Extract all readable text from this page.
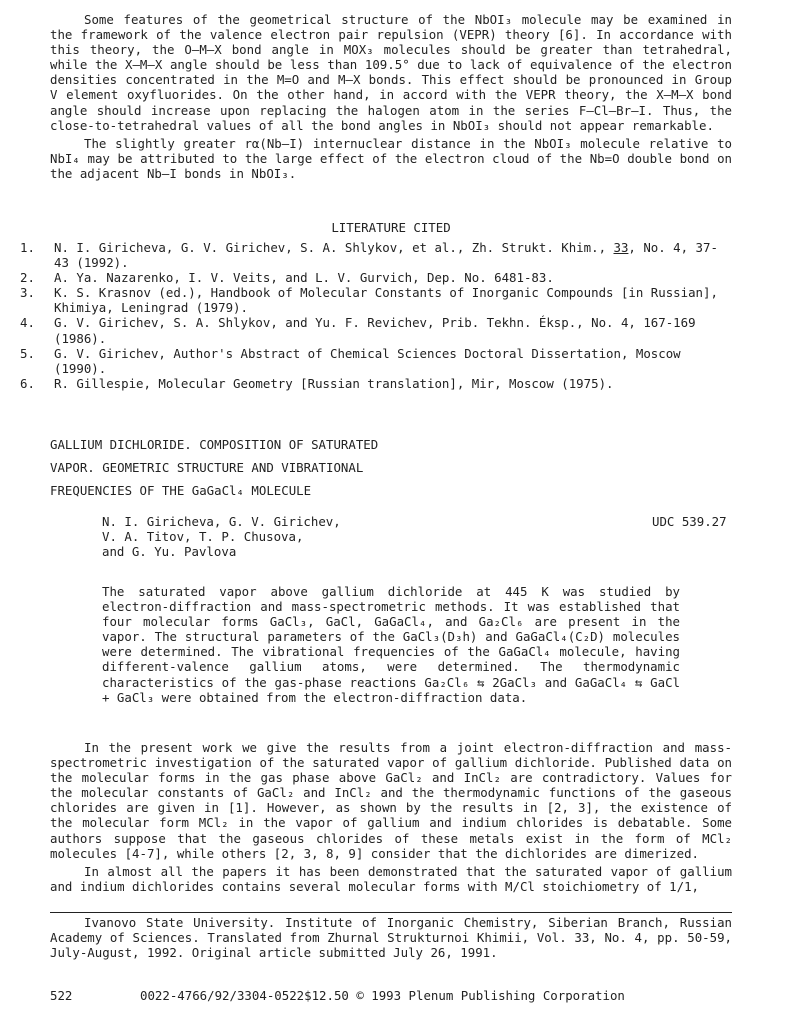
Some features of the geometrical structure of the NbOI₃ molecule may be examined in the framework of the valence electron pair repulsion (VEPR) theory [6]. In accordance with this theory, the O—M—X bond angle in MOX₃ molecules should be greater than tetrahedral, while the X—M—X angle should be less than 109.5° due to lack of equivalence of the electron densities concentrated in the M=O and M—X bonds. This effect should be pronounced in Group V element oxyfluorides. On the other hand, in accord with the VEPR theory, the X—M—X bond angle should increase upon replacing the halogen atom in the series F—Cl—Br—I. Thus, the close-to-tetrahedral values of all the bond angles in NbOI₃ should not appear remarkable.

The slightly greater rα(Nb—I) internuclear distance in the NbOI₃ molecule relative to NbI₄ may be attributed to the large effect of the electron cloud of the Nb=O double bond on the adjacent Nb—I bonds in NbOI₃.

LITERATURE CITED
1. N. I. Giricheva, G. V. Girichev, S. A. Shlykov, et al., Zh. Strukt. Khim., 33, No. 4, 37-43 (1992).
2. A. Ya. Nazarenko, I. V. Veits, and L. V. Gurvich, Dep. No. 6481-83.
3. K. S. Krasnov (ed.), Handbook of Molecular Constants of Inorganic Compounds [in Russian], Khimiya, Leningrad (1979).
4. G. V. Girichev, S. A. Shlykov, and Yu. F. Revichev, Prib. Tekhn. Éksp., No. 4, 167-169 (1986).
5. G. V. Girichev, Author's Abstract of Chemical Sciences Doctoral Dissertation, Moscow (1990).
6. R. Gillespie, Molecular Geometry [Russian translation], Mir, Moscow (1975).

GALLIUM DICHLORIDE. COMPOSITION OF SATURATED

VAPOR. GEOMETRIC STRUCTURE AND VIBRATIONAL

FREQUENCIES OF THE GaGaCl₄ MOLECULE

N. I. Giricheva, G. V. Girichev,

V. A. Titov, T. P. Chusova,

and G. Yu. Pavlova

UDC 539.27
The saturated vapor above gallium dichloride at 445 K was studied by electron-diffraction and mass-spectrometric methods. It was established that four molecular forms GaCl₃, GaCl, GaGaCl₄, and Ga₂Cl₆ are present in the vapor. The structural parameters of the GaCl₃(D₃h) and GaGaCl₄(C₂D) molecules were determined. The vibrational frequencies of the GaGaCl₄ molecule, having different-valence gallium atoms, were determined. The thermodynamic characteristics of the gas-phase reactions Ga₂Cl₆ ⇆ 2GaCl₃ and GaGaCl₄ ⇆ GaCl + GaCl₃ were obtained from the electron-diffraction data.

In the present work we give the results from a joint electron-diffraction and mass-spectrometric investigation of the saturated vapor of gallium dichloride. Published data on the molecular forms in the gas phase above GaCl₂ and InCl₂ are contradictory. Values for the molecular constants of GaCl₂ and InCl₂ and the thermodynamic functions of the gaseous chlorides are given in [1]. However, as shown by the results in [2, 3], the existence of the molecular form MCl₂ in the vapor of gallium and indium chlorides is debatable. Some authors suppose that the gaseous chlorides of these metals exist in the form of MCl₂ molecules [4-7], while others [2, 3, 8, 9] consider that the dichlorides are dimerized.

In almost all the papers it has been demonstrated that the saturated vapor of gallium and indium dichlorides contains several molecular forms with M/Cl stoichiometry of 1/1,

Ivanovo State University. Institute of Inorganic Chemistry, Siberian Branch, Russian Academy of Sciences. Translated from Zhurnal Strukturnoi Khimii, Vol. 33, No. 4, pp. 50-59, July-August, 1992. Original article submitted July 26, 1991.
522	0022-4766/92/3304-0522$12.50 © 1993 Plenum Publishing Corporation
